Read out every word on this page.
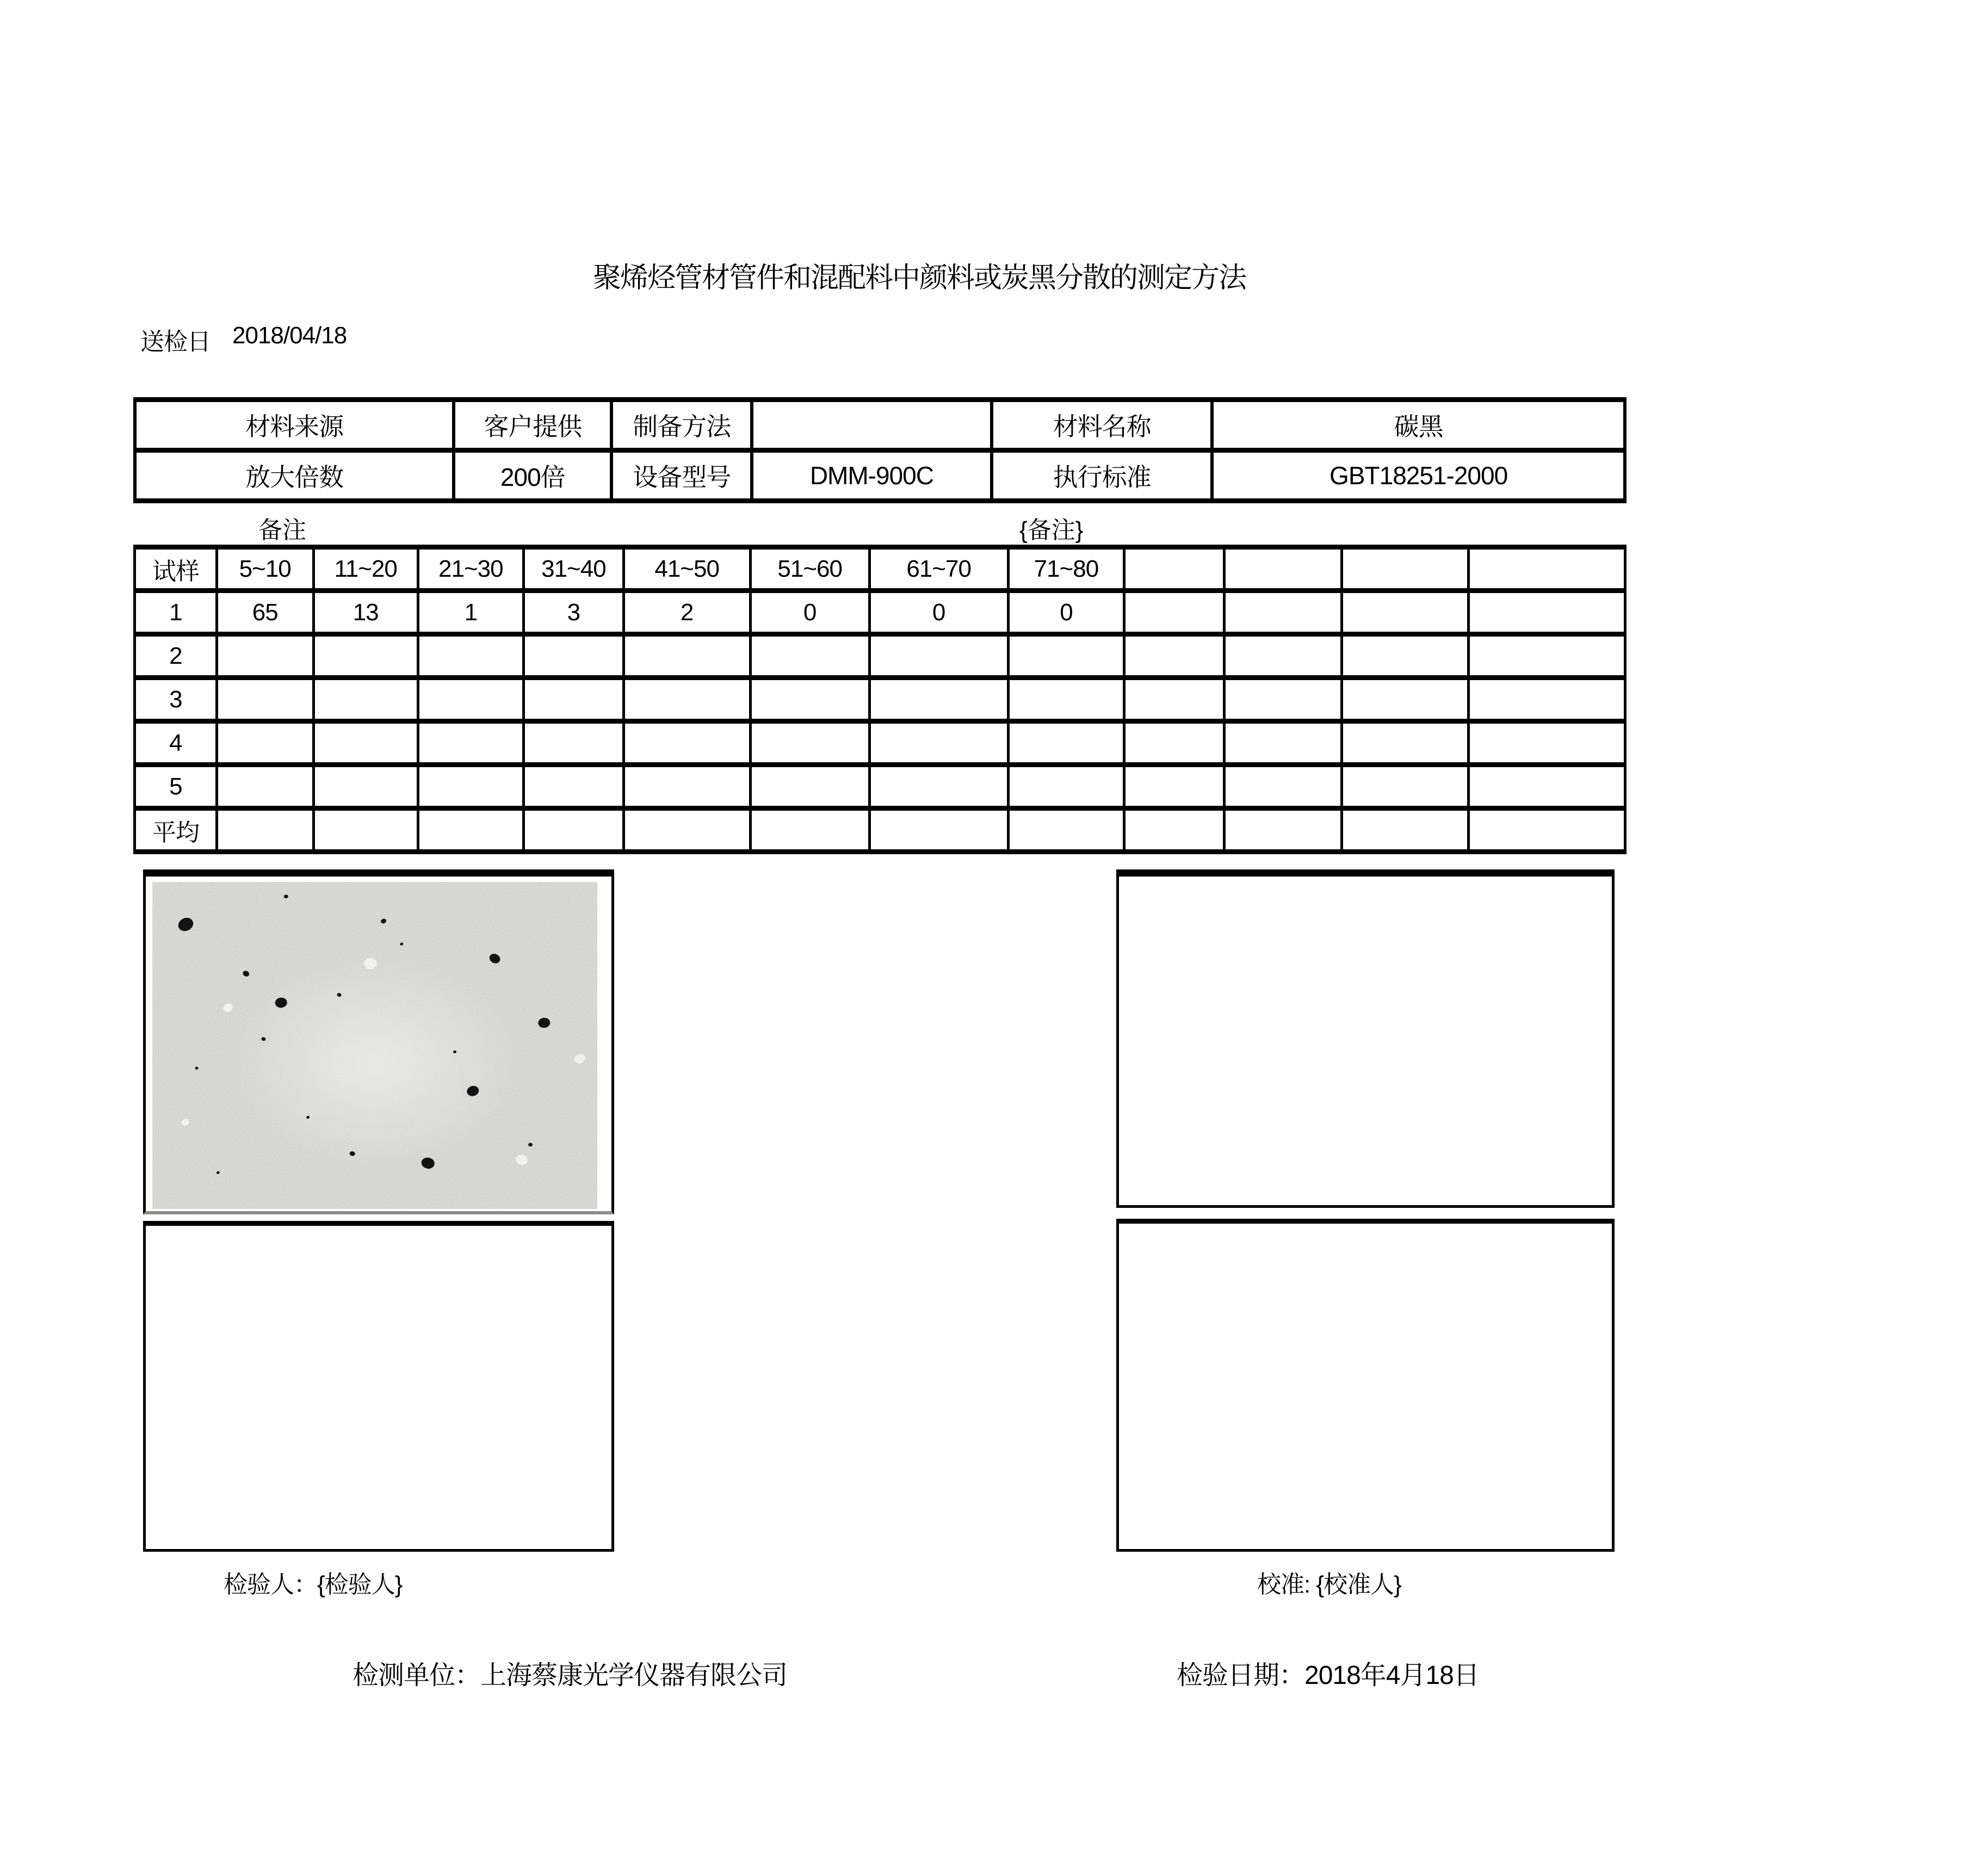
聚烯烃管材管件和混配料中颜料或炭黑分散的测定方法
送检日 2018/04/18
材料来源	客户提供	制备方法		材料名称	碳黑
放大倍数	200倍	设备型号	DMM-900C	执行标准	GBT18251-2000
备注	{备注}
试样	5~10	11~20	21~30	31~40	41~50	51~60	61~70	71~80				
1	65	13	1	3	2	0	0	0				
2												
3												
4												
5												
平均												
检验人：{检验人}	校准: {校准人}
检测单位：上海蔡康光学仪器有限公司	检验日期：2018年4月18日
